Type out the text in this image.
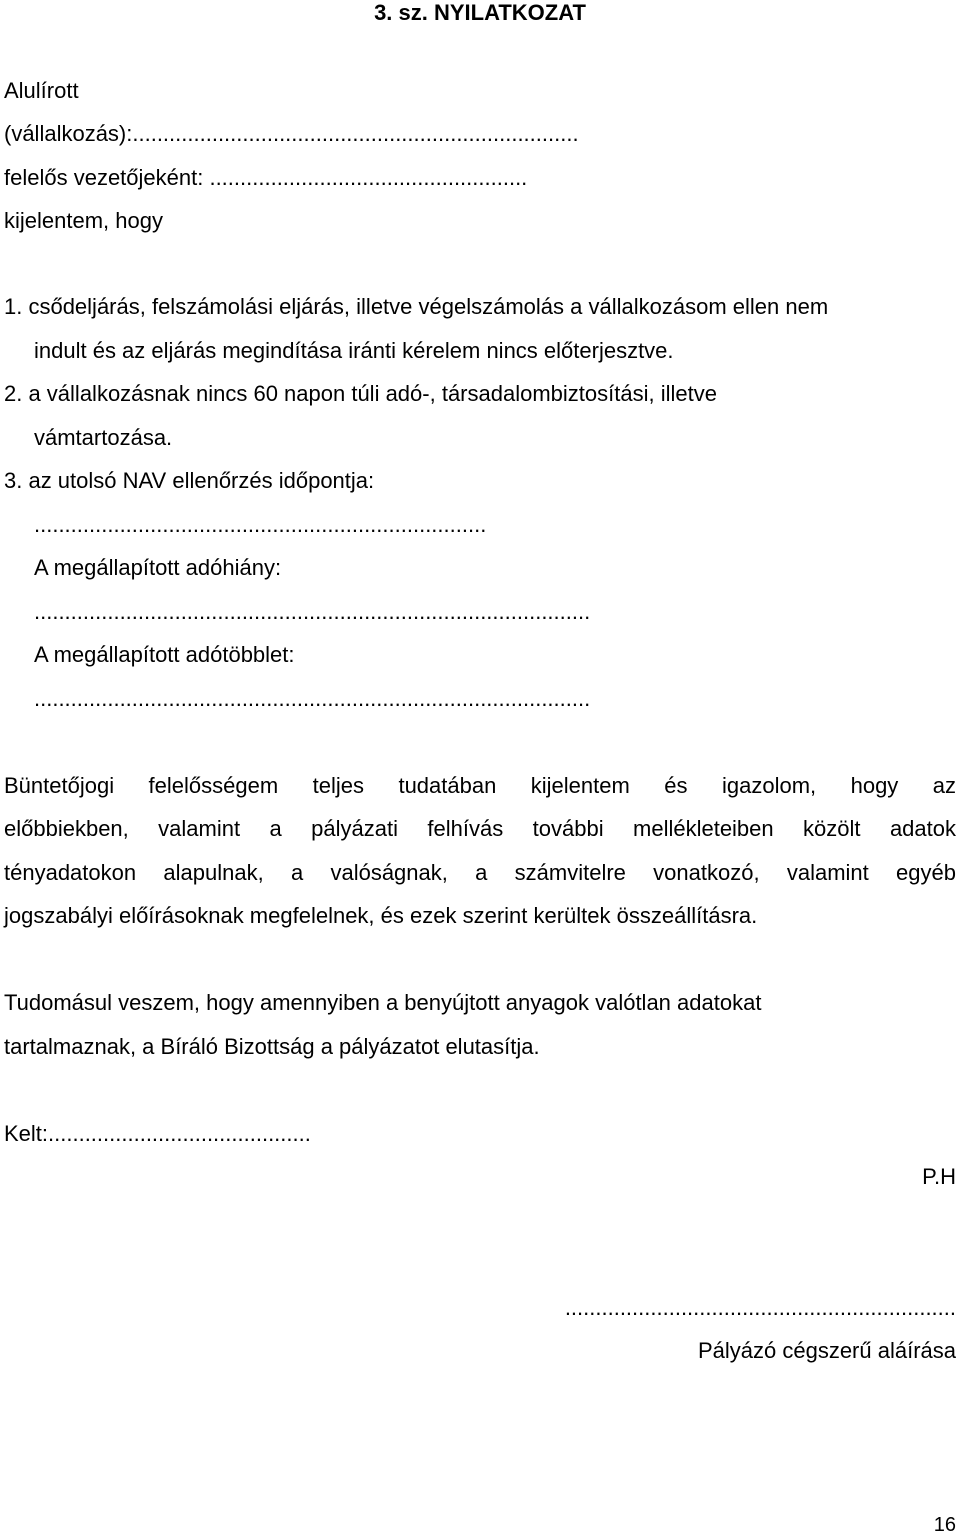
3. sz. NYILATKOZAT
Alulírott
(vállalkozás):.........................................................................
felelős vezetőjeként: ....................................................
kijelentem, hogy
1. csődeljárás, felszámolási eljárás, illetve végelszámolás a vállalkozásom ellen nem
indult és az eljárás megindítása iránti kérelem nincs előterjesztve.
2. a vállalkozásnak nincs 60 napon túli adó-, társadalombiztosítási, illetve
vámtartozása.
3. az utolsó NAV ellenőrzés időpontja:
..........................................................................
A megállapított adóhiány:
...........................................................................................
A megállapított adótöbblet:
...........................................................................................
Büntetőjogi felelősségem teljes tudatában kijelentem és igazolom, hogy az
előbbiekben, valamint a pályázati felhívás további mellékleteiben közölt adatok
tényadatokon alapulnak, a valóságnak, a számvitelre vonatkozó, valamint egyéb
jogszabályi előírásoknak megfelelnek, és ezek szerint kerültek összeállításra.
Tudomásul veszem, hogy amennyiben a benyújtott anyagok valótlan adatokat
tartalmaznak, a Bíráló Bizottság a pályázatot elutasítja.
Kelt:...........................................
P.H
................................................................
Pályázó cégszerű aláírása
16
